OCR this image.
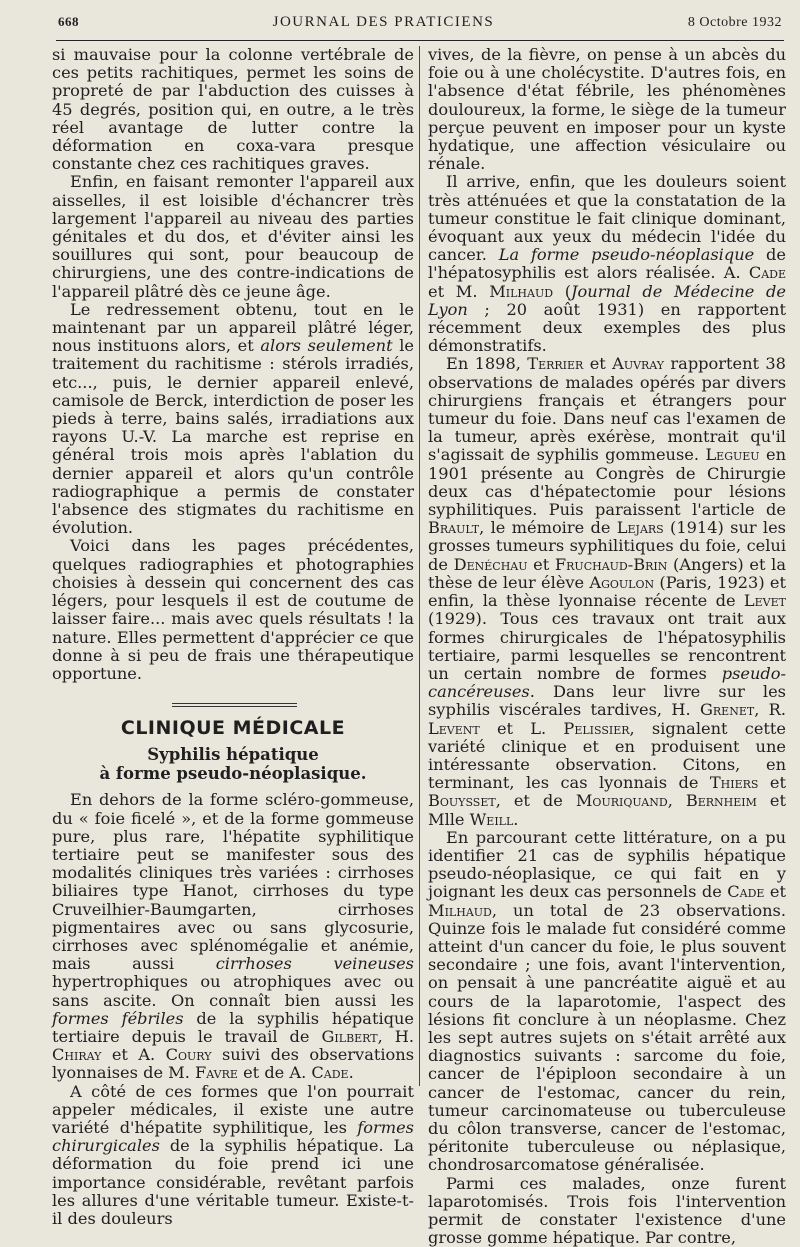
668	JOURNAL DES PRATICIENS	8 Octobre 1932

si mauvaise pour la colonne vertébrale de ces petits rachitiques, permet les soins de propreté de par l'abduction des cuisses à 45 degrés, position qui, en outre, a le très réel avantage de lutter contre la déformation en coxa-vara presque constante chez ces rachitiques graves.

Enfin, en faisant remonter l'appareil aux aisselles, il est loisible d'échancrer très largement l'appareil au niveau des parties génitales et du dos, et d'éviter ainsi les souillures qui sont, pour beaucoup de chirurgiens, une des contre-indications de l'appareil plâtré dès ce jeune âge.

Le redressement obtenu, tout en le maintenant par un appareil plâtré léger, nous instituons alors, et alors seulement le traitement du rachitisme : stérols irradiés, etc..., puis, le dernier appareil enlevé, camisole de Berck, interdiction de poser les pieds à terre, bains salés, irradiations aux rayons U.-V. La marche est reprise en général trois mois après l'ablation du dernier appareil et alors qu'un contrôle radiographique a permis de constater l'absence des stigmates du rachitisme en évolution.

Voici dans les pages précédentes, quelques radiographies et photographies choisies à dessein qui concernent des cas légers, pour lesquels il est de coutume de laisser faire... mais avec quels résultats ! la nature. Elles permettent d'apprécier ce que donne à si peu de frais une thérapeutique opportune.

CLINIQUE MÉDICALE
Syphilis hépatique
à forme pseudo-néoplasique.

En dehors de la forme scléro-gommeuse, du « foie ficelé », et de la forme gommeuse pure, plus rare, l'hépatite syphilitique tertiaire peut se manifester sous des modalités cliniques très variées : cirrhoses biliaires type Hanot, cirrhoses du type Cruveilhier-Baumgarten, cirrhoses pigmentaires avec ou sans glycosurie, cirrhoses avec splénomégalie et anémie, mais aussi cirrhoses veineuses hypertrophiques ou atrophiques avec ou sans ascite. On connaît bien aussi les formes fébriles de la syphilis hépatique tertiaire depuis le travail de Gilbert, H. Chiray et A. Coury suivi des observations lyonnaises de M. Favre et de A. Cade.

A côté de ces formes que l'on pourrait appeler médicales, il existe une autre variété d'hépatite syphilitique, les formes chirurgicales de la syphilis hépatique. La déformation du foie prend ici une importance considérable, revêtant parfois les allures d'une véritable tumeur. Existe-t-il des douleurs

vives, de la fièvre, on pense à un abcès du foie ou à une cholécystite. D'autres fois, en l'absence d'état fébrile, les phénomènes douloureux, la forme, le siège de la tumeur perçue peuvent en imposer pour un kyste hydatique, une affection vésiculaire ou rénale.

Il arrive, enfin, que les douleurs soient très atténuées et que la constatation de la tumeur constitue le fait clinique dominant, évoquant aux yeux du médecin l'idée du cancer. La forme pseudo-néoplasique de l'hépatosyphilis est alors réalisée. A. Cade et M. Milhaud (Journal de Médecine de Lyon ; 20 août 1931) en rapportent récemment deux exemples des plus démonstratifs.

En 1898, Terrier et Auvray rapportent 38 observations de malades opérés par divers chirurgiens français et étrangers pour tumeur du foie. Dans neuf cas l'examen de la tumeur, après exérèse, montrait qu'il s'agissait de syphilis gommeuse. Legueu en 1901 présente au Congrès de Chirurgie deux cas d'hépatectomie pour lésions syphilitiques. Puis paraissent l'article de Brault, le mémoire de Lejars (1914) sur les grosses tumeurs syphilitiques du foie, celui de Denéchau et Fruchaud-Brin (Angers) et la thèse de leur élève Agoulon (Paris, 1923) et enfin, la thèse lyonnaise récente de Levet (1929). Tous ces travaux ont trait aux formes chirurgicales de l'hépatosyphilis tertiaire, parmi lesquelles se rencontrent un certain nombre de formes pseudo-cancéreuses. Dans leur livre sur les syphilis viscérales tardives, H. Grenet, R. Levent et L. Pelissier, signalent cette variété clinique et en produisent une intéressante observation. Citons, en terminant, les cas lyonnais de Thiers et Bouysset, et de Mouriquand, Bernheim et Mlle Weill.

En parcourant cette littérature, on a pu identifier 21 cas de syphilis hépatique pseudo-néoplasique, ce qui fait en y joignant les deux cas personnels de Cade et Milhaud, un total de 23 observations. Quinze fois le malade fut considéré comme atteint d'un cancer du foie, le plus souvent secondaire ; une fois, avant l'intervention, on pensait à une pancréatite aiguë et au cours de la laparotomie, l'aspect des lésions fit conclure à un néoplasme. Chez les sept autres sujets on s'était arrêté aux diagnostics suivants : sarcome du foie, cancer de l'épiploon secondaire à un cancer de l'estomac, cancer du rein, tumeur carcinomateuse ou tuberculeuse du côlon transverse, cancer de l'estomac, péritonite tuberculeuse ou néplasique, chondrosarcomatose généralisée.

Parmi ces malades, onze furent laparotomisés. Trois fois l'intervention permit de constater l'existence d'une grosse gomme hépatique. Par contre,
